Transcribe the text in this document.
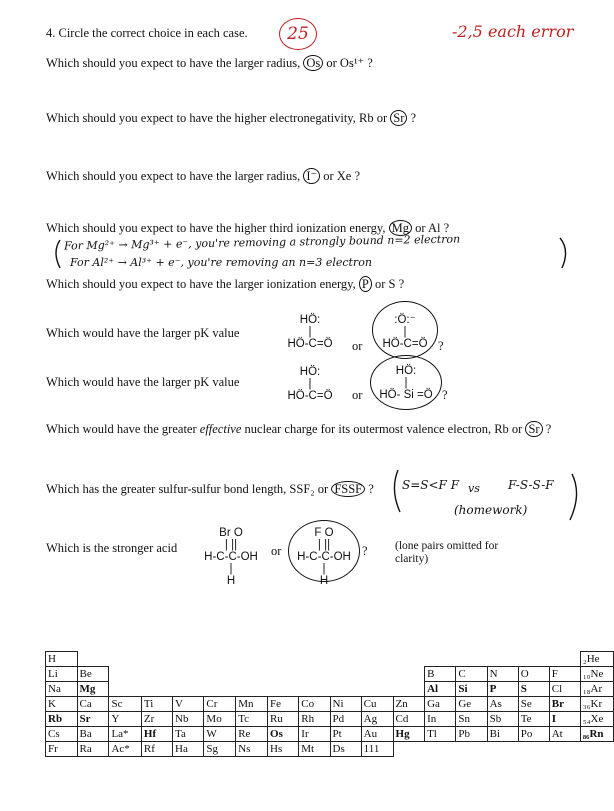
4. Circle the correct choice in each case.	25	-2,5 each error
Which should you expect to have the larger radius, Os or Os¹⁺ ?
Which should you expect to have the higher electronegativity, Rb or Sr ?
Which should you expect to have the larger radius, I⁻ or Xe ?
Which should you expect to have the higher third ionization energy, Mg or Al ?
For Mg²⁺ → Mg³⁺ + e⁻, you're removing a strongly bound n=2 electron
For Al²⁺ → Al³⁺ + e⁻, you're removing an n=3 electron
Which should you expect to have the larger ionization energy, P or S ?
Which would have the larger pK value
HÖ:
|
HÖ-C=Ö	or
:Ö:⁻
|
HÖ-C=Ö ?
Which would have the larger pK value
HÖ:
|
HÖ-C=Ö	or
HÖ:
|
HÖ- Si =Ö ?
Which would have the greater effective nuclear charge for its outermost valence electron, Rb or Sr ?
Which has the greater sulfur-sulfur bond length, SSF₂ or FSSF ? S=S<F F vs F-S-S-F
(homework)
Which is the stronger acid
Br O
| ||
H-C-C-OH
|
H
or
F O
| ||
H-C-C-OH
|
H
? (lone pairs omitted for
clarity)
H																	₂He
Li	Be											B	C	N	O	F	₁₀Ne
Na	Mg											Al	Si	P	S	Cl	₁₈Ar
K	Ca	Sc	Ti	V	Cr	Mn	Fe	Co	Ni	Cu	Zn	Ga	Ge	As	Se	Br	₃₆Kr
Rb	Sr	Y	Zr	Nb	Mo	Tc	Ru	Rh	Pd	Ag	Cd	In	Sn	Sb	Te	I	₅₄Xe
Cs	Ba	La*	Hf	Ta	W	Re	Os	Ir	Pt	Au	Hg	Tl	Pb	Bi	Po	At	₈₆Rn
Fr	Ra	Ac*	Rf	Ha	Sg	Ns	Hs	Mt	Ds	111							
